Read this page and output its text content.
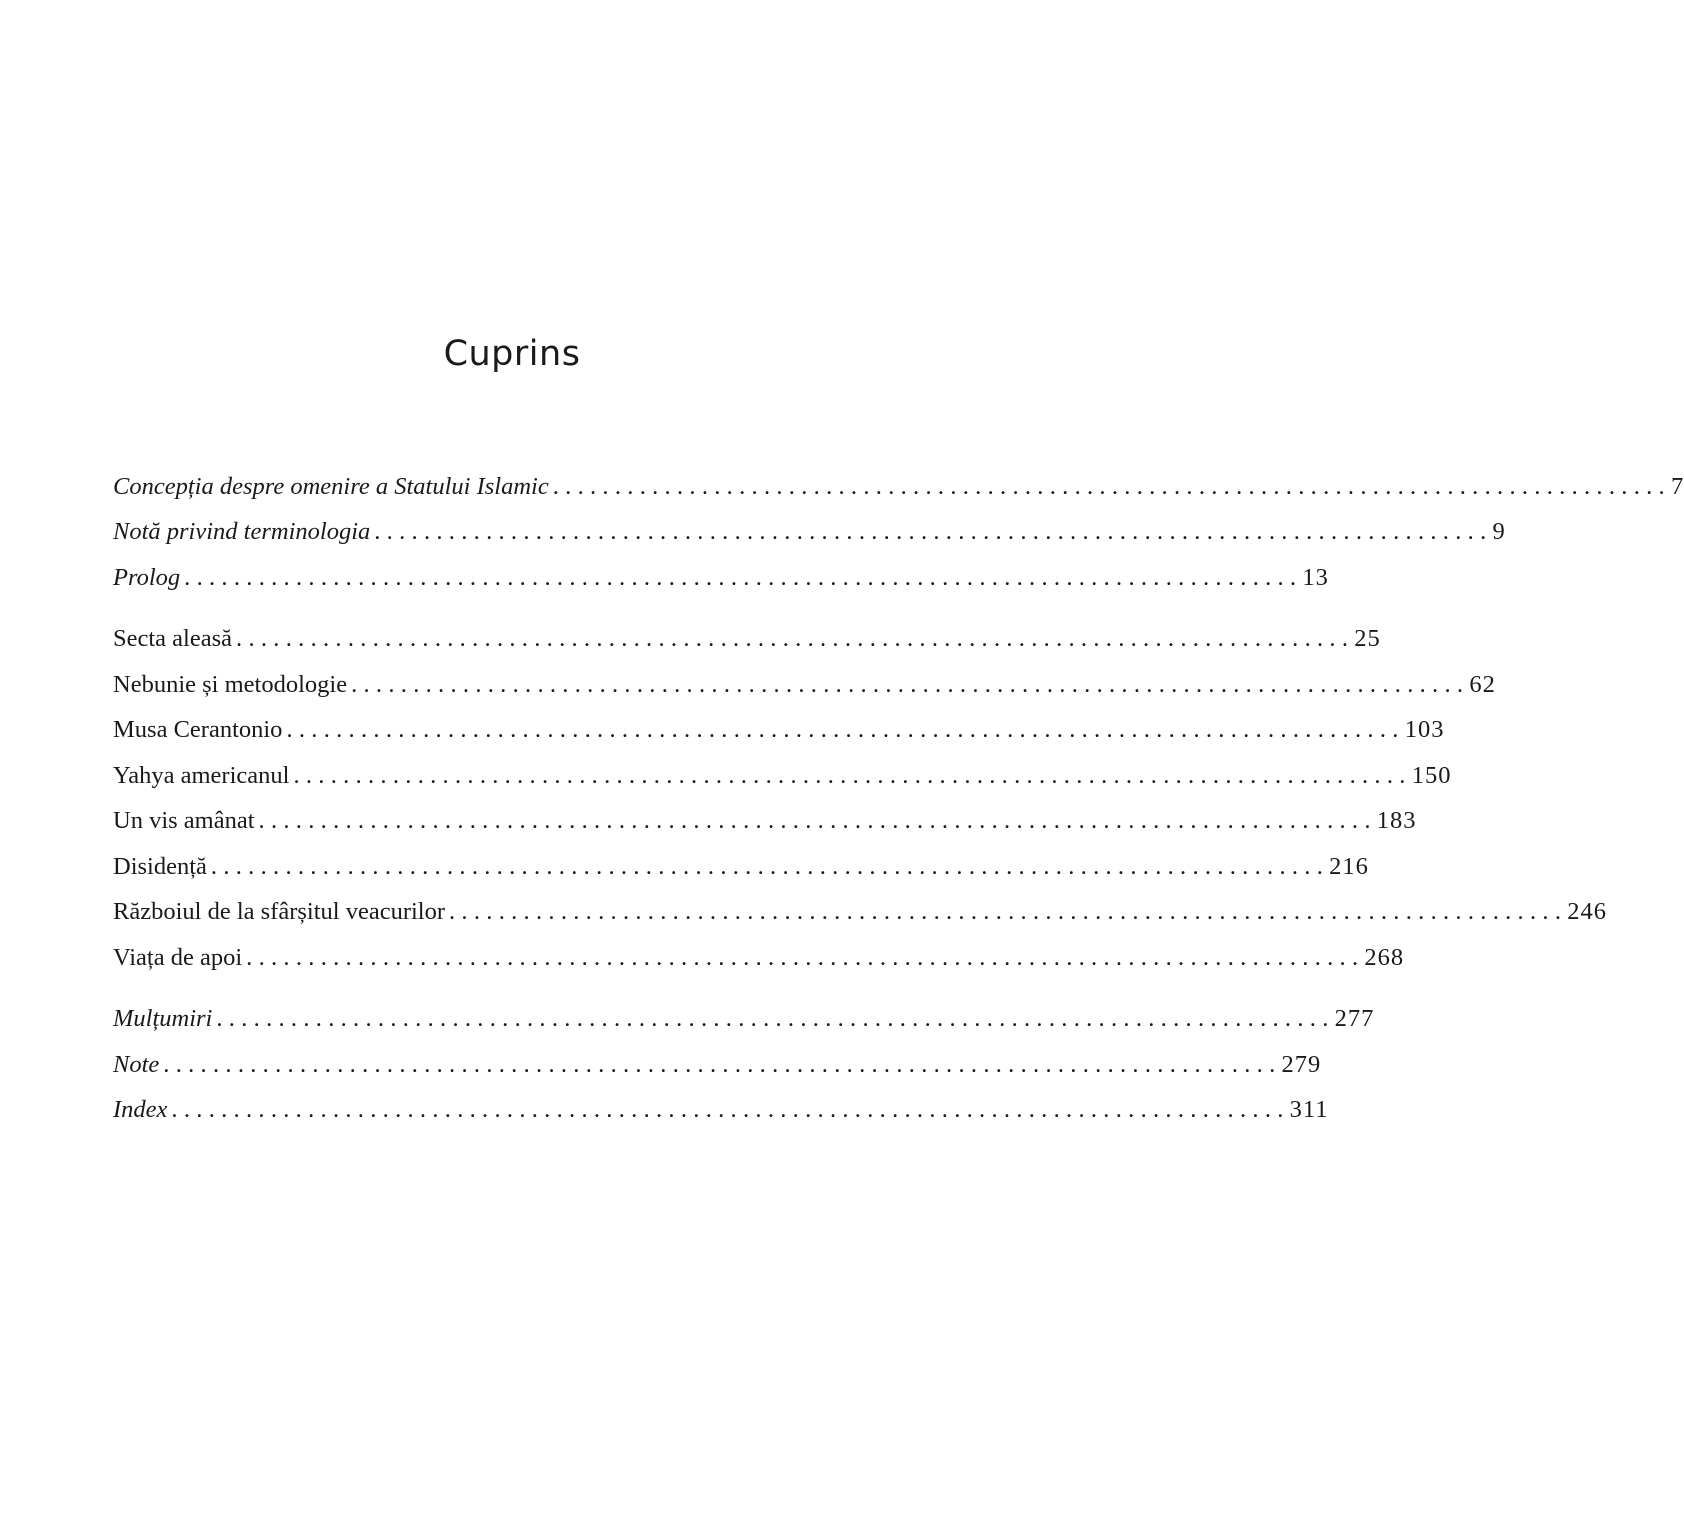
Cuprins
Concepția despre omenire a Statului Islamic .......................................................................................... 7
Notă privind terminologia .......................................................................................... 9
Prolog .......................................................................................... 13
Secta aleasă .......................................................................................... 25
Nebunie și metodologie .......................................................................................... 62
Musa Cerantonio .......................................................................................... 103
Yahya americanul .......................................................................................... 150
Un vis amânat .......................................................................................... 183
Disidență .......................................................................................... 216
Războiul de la sfârșitul veacurilor .......................................................................................... 246
Viața de apoi .......................................................................................... 268
Mulțumiri .......................................................................................... 277
Note .......................................................................................... 279
Index .......................................................................................... 311
